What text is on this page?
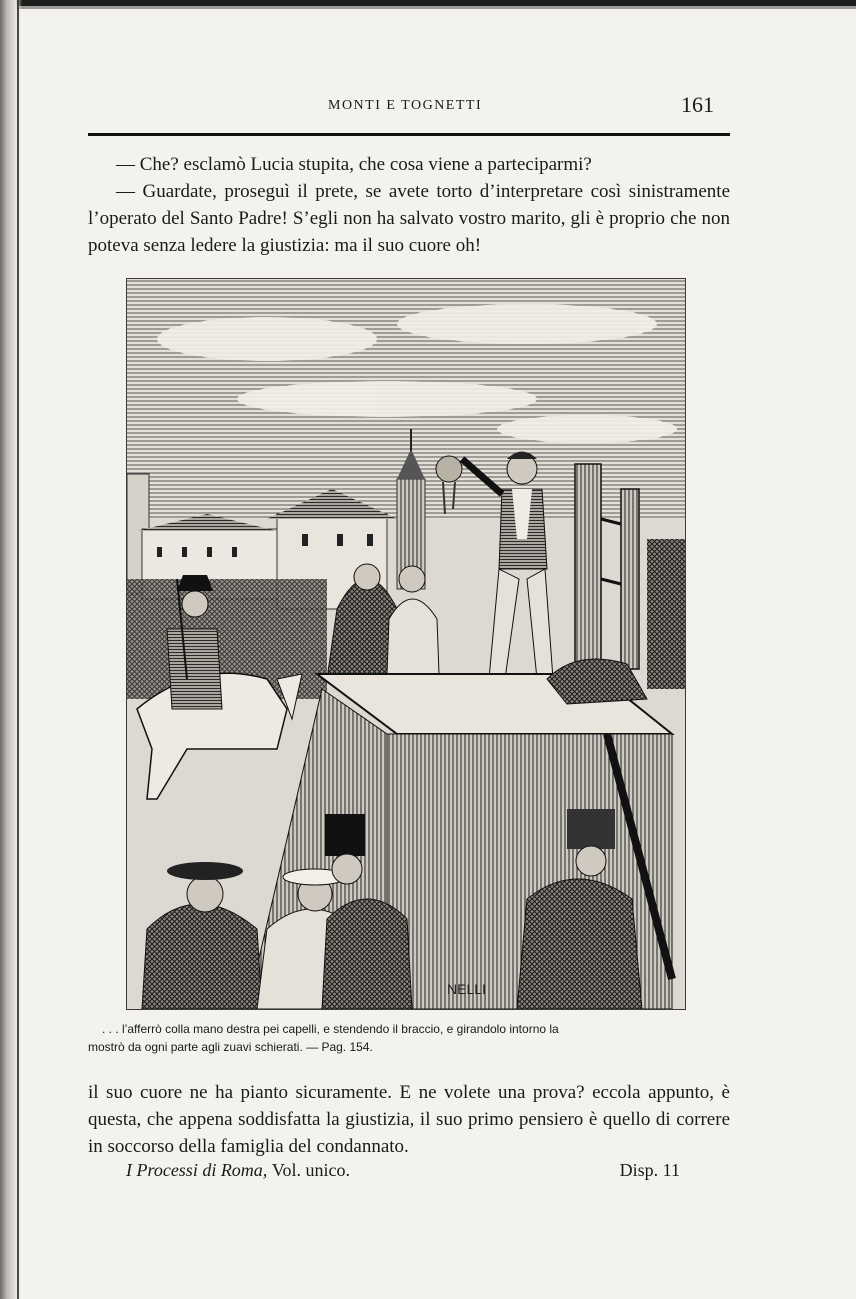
MONTI E TOGNETTI	161

— Che? esclamò Lucia stupita, che cosa viene a parteciparmi?

— Guardate, proseguì il prete, se avete torto d’interpretare così sinistramente l’operato del Santo Padre! S’egli non ha salvato vostro marito, gli è proprio che non poteva senza ledere la giustizia: ma il suo cuore oh!

NELLI
. . . l’afferrò colla mano destra pei capelli, e stendendo il braccio, e girandolo intorno la
mostrò da ogni parte agli zuavi schierati. — Pag. 154.

il suo cuore ne ha pianto sicuramente. E ne volete una prova? eccola appunto, è questa, che appena soddisfatta la giustizia, il suo primo pensiero è quello di correre in soccorso della famiglia del condannato.

I Processi di Roma, Vol. unico.	Disp. 11
